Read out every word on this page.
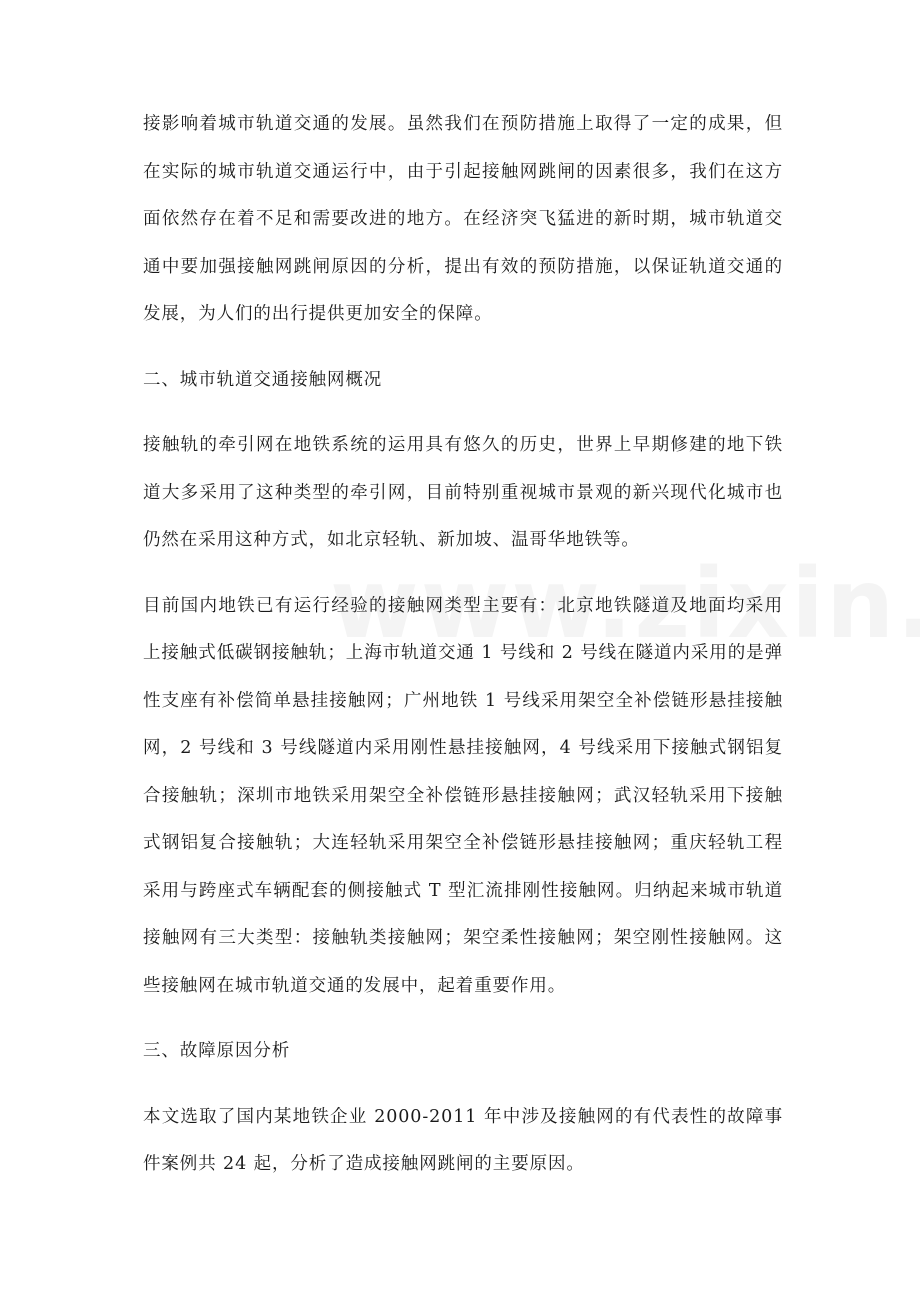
接影响着城市轨道交通的发展。虽然我们在预防措施上取得了一定的成果，但在实际的城市轨道交通运行中，由于引起接触网跳闸的因素很多，我们在这方面依然存在着不足和需要改进的地方。在经济突飞猛进的新时期，城市轨道交通中要加强接触网跳闸原因的分析，提出有效的预防措施，以保证轨道交通的发展，为人们的出行提供更加安全的保障。

二、城市轨道交通接触网概况

接触轨的牵引网在地铁系统的运用具有悠久的历史，世界上早期修建的地下铁道大多采用了这种类型的牵引网，目前特别重视城市景观的新兴现代化城市也仍然在采用这种方式，如北京轻轨、新加坡、温哥华地铁等。

目前国内地铁已有运行经验的接触网类型主要有：北京地铁隧道及地面均采用上接触式低碳钢接触轨；上海市轨道交通 1 号线和 2 号线在隧道内采用的是弹性支座有补偿简单悬挂接触网；广州地铁 1 号线采用架空全补偿链形悬挂接触网，2 号线和 3 号线隧道内采用刚性悬挂接触网，4 号线采用下接触式钢铝复合接触轨；深圳市地铁采用架空全补偿链形悬挂接触网；武汉轻轨采用下接触式钢铝复合接触轨；大连轻轨采用架空全补偿链形悬挂接触网；重庆轻轨工程采用与跨座式车辆配套的侧接触式 T 型汇流排刚性接触网。归纳起来城市轨道接触网有三大类型：接触轨类接触网；架空柔性接触网；架空刚性接触网。这些接触网在城市轨道交通的发展中，起着重要作用。

三、故障原因分析

本文选取了国内某地铁企业 2000-2011 年中涉及接触网的有代表性的故障事件案例共 24 起，分析了造成接触网跳闸的主要原因。
